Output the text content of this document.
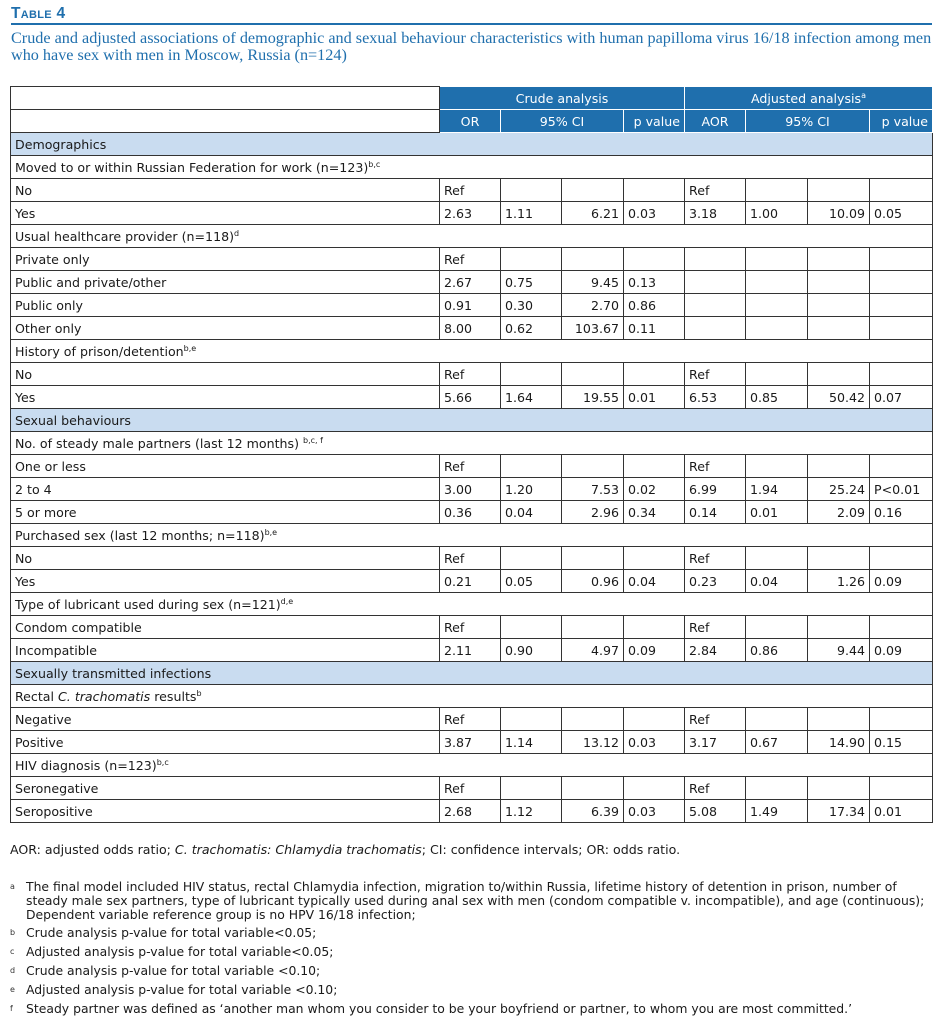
Table 4
Crude and adjusted associations of demographic and sexual behaviour characteristics with human papilloma virus 16/18 infection among men who have sex with men in Moscow, Russia (n=124)
	Crude analysis				Adjusted analysis$^a$
	OR	95% CI		p value	AOR	95% CI		p value
Demographics								
Moved to or within Russian Federation for work (n=123)$^{b,c}$
No	Ref				Ref			
Yes	2.63	1.11	6.21	0.03	3.18	1.00	10.09	0.05
Usual healthcare provider (n=118)$^d$
Private only	Ref							
Public and private/other	2.67	0.75	9.45	0.13				
Public only	0.91	0.30	2.70	0.86				
Other only	8.00	0.62	103.67	0.11				
History of prison/detention$^{b,e}$
No	Ref				Ref			
Yes	5.66	1.64	19.55	0.01	6.53	0.85	50.42	0.07
Sexual behaviours								
No. of steady male partners (last 12 months) $^{b,c, f}$
One or less	Ref				Ref			
2 to 4	3.00	1.20	7.53	0.02	6.99	1.94	25.24	P<0.01
5 or more	0.36	0.04	2.96	0.34	0.14	0.01	2.09	0.16
Purchased sex (last 12 months; n=118)$^{b,e}$
No	Ref				Ref			
Yes	0.21	0.05	0.96	0.04	0.23	0.04	1.26	0.09
Type of lubricant used during sex (n=121)$^{d,e}$
Condom compatible	Ref				Ref			
Incompatible	2.11	0.90	4.97	0.09	2.84	0.86	9.44	0.09
Sexually transmitted infections								
Rectal C. trachomatis results$^b$
Negative	Ref				Ref			
Positive	3.87	1.14	13.12	0.03	3.17	0.67	14.90	0.15
HIV diagnosis (n=123)$^{b,c}$
Seronegative	Ref				Ref			
Seropositive	2.68	1.12	6.39	0.03	5.08	1.49	17.34	0.01
AOR: adjusted odds ratio; C. trachomatis: Chlamydia trachomatis; CI: confidence intervals; OR: odds ratio.
a The final model included HIV status, rectal Chlamydia infection, migration to/within Russia, lifetime history of detention in prison, number of steady male sex partners, type of lubricant typically used during anal sex with men (condom compatible v. incompatible), and age (continuous); Dependent variable reference group is no HPV 16/18 infection;
b Crude analysis p-value for total variable<0.05;
c Adjusted analysis p-value for total variable<0.05;
d Crude analysis p-value for total variable <0.10;
e Adjusted analysis p-value for total variable <0.10;
f	Steady partner was defined as ‘another man whom you consider to be your boyfriend or partner, to whom you are most committed.’
